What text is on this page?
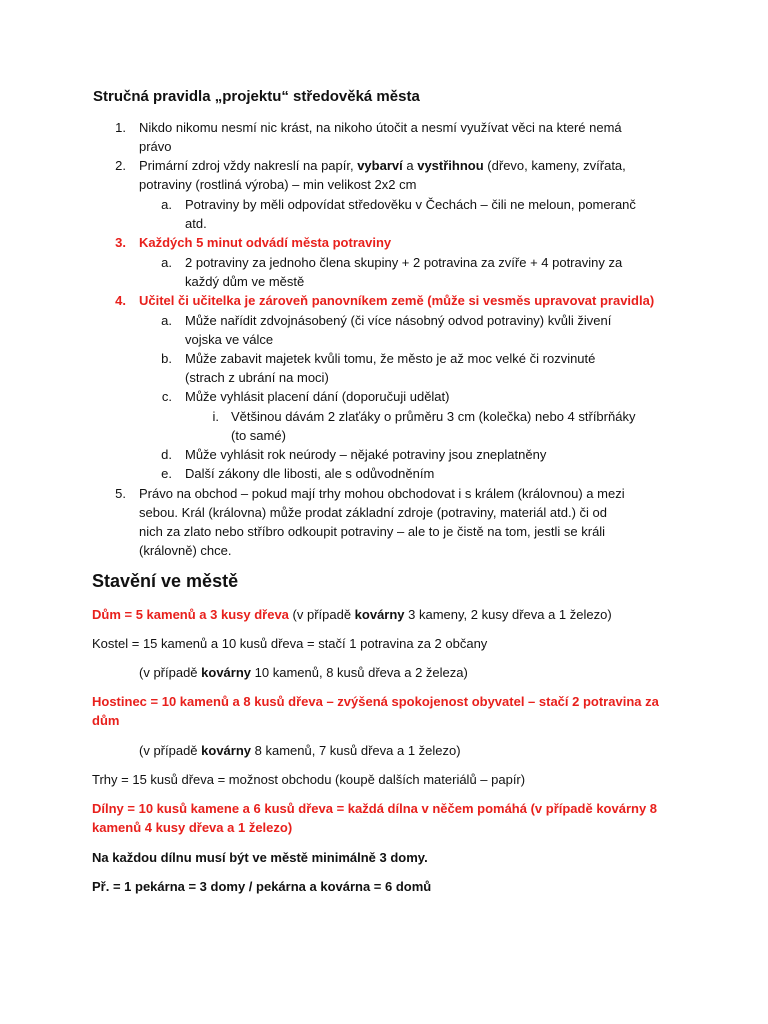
Stručná pravidla „projektu“ středověká města
1. Nikdo nikomu nesmí nic krást, na nikoho útočit a nesmí využívat věci na které nemá

právo

2. Primární zdroj vždy nakreslí na papír, vybarví a vystřihnou (dřevo, kameny, zvířata,

potraviny (rostliná výroba) – min velikost 2x2 cm

a. Potraviny by měli odpovídat středověku v Čechách – čili ne meloun, pomeranč

atd.

3. Každých 5 minut odvádí města potraviny

a. 2 potraviny za jednoho člena skupiny + 2 potravina za zvíře + 4 potraviny za

každý dům ve městě

4. Učitel či učitelka je zároveň panovníkem země (může si vesměs upravovat pravidla)

a. Může nařídit zdvojnásobený (či více násobný odvod potraviny) kvůli živení

vojska ve válce

b. Může zabavit majetek kvůli tomu, že město je až moc velké či rozvinuté

(strach z ubrání na moci)

c. Může vyhlásit placení dání (doporučuji udělat)

i. Většinou dávám 2 zlaťáky o průměru 3 cm (kolečka) nebo 4 stříbrňáky

(to samé)

d. Může vyhlásit rok neúrody – nějaké potraviny jsou zneplatněny

e. Další zákony dle libosti, ale s odůvodněním

5. Právo na obchod – pokud mají trhy mohou obchodovat i s králem (královnou) a mezi

sebou. Král (královna) může prodat základní zdroje (potraviny, materiál atd.) či od

nich za zlato nebo stříbro odkoupit potraviny – ale to je čistě na tom, jestli se králi

(královně) chce.

Stavění ve městě

Dům = 5 kamenů a 3 kusy dřeva (v případě kovárny 3 kameny, 2 kusy dřeva a 1 železo)

Kostel = 15 kamenů a 10 kusů dřeva = stačí 1 potravina za 2 občany

(v případě kovárny 10 kamenů, 8 kusů dřeva a 2 železa)

Hostinec = 10 kamenů a 8 kusů dřeva – zvýšená spokojenost obyvatel – stačí 2 potravina za

dům

(v případě kovárny 8 kamenů, 7 kusů dřeva a 1 železo)

Trhy = 15 kusů dřeva = možnost obchodu (koupě dalších materiálů – papír)

Dílny = 10 kusů kamene a 6 kusů dřeva = každá dílna v něčem pomáhá (v případě kovárny 8

kamenů 4 kusy dřeva a 1 železo)

Na každou dílnu musí být ve městě minimálně 3 domy.

Př. = 1 pekárna = 3 domy / pekárna a kovárna = 6 domů
